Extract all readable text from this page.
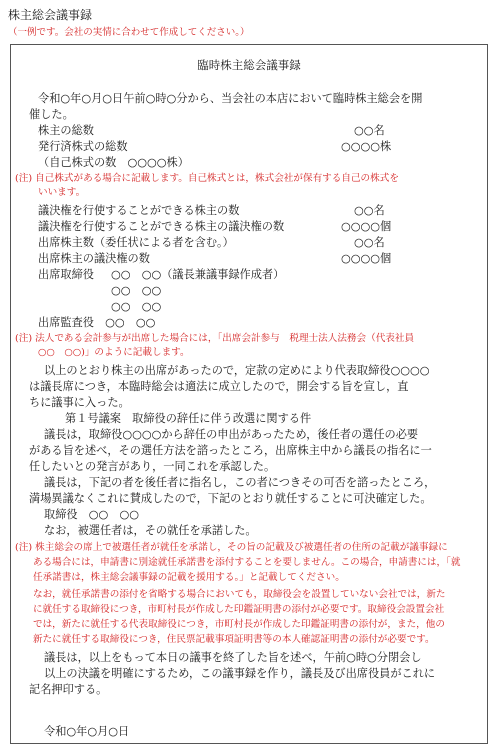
株主総会議事録
（一例です。会社の実情に合わせて作成してください。）
臨時株主総会議事録
令和○年○月○日午前○時○分から、当会社の本店において臨時株主総会を開
催した。
株主の総数	○○名
発行済株式の総数	○○○○株
（自己株式の数　○○○○株）
(注) 自己株式がある場合に記載します。自己株式とは，株式会社が保有する自己の株式を
いいます。
議決権を行使することができる株主の数	○○名
議決権を行使することができる株主の議決権の数	○○○○個
出席株主数（委任状による者を含む。）	○○名
出席株主の議決権の数	○○○○個
出席取締役 ○○　○○（議長兼議事録作成者）
○○　○○
○○　○○
出席監査役　○○　○○
(注) 法人である会計参与が出席した場合には，「出席会計参与　税理士法人法務会（代表社員
○○　○○)」のように記載します。
以上のとおり株主の出席があったので，定款の定めにより代表取締役○○○○
は議長席につき，本臨時総会は適法に成立したので，開会する旨を宣し，直
ちに議事に入った。
第１号議案　取締役の辞任に伴う改選に関する件
議長は，取締役○○○○から辞任の申出があったため，後任者の選任の必要
がある旨を述べ，その選任方法を諮ったところ，出席株主中から議長の指名に一
任したいとの発言があり，一同これを承認した。
議長は，下記の者を後任者に指名し，この者につきその可否を諮ったところ，
満場異議なくこれに賛成したので，下記のとおり就任することに可決確定した。
取締役　○○　○○
なお，被選任者は，その就任を承諾した。
(注) 株主総会の席上で被選任者が就任を承諾し，その旨の記載及び被選任者の住所の記載が議事録に
ある場合には，申請書に別途就任承諾書を添付することを要しません。この場合，申請書には，「就
任承諾書は，株主総会議事録の記載を援用する。」と記載してください。
なお，就任承諾書の添付を省略する場合においても，取締役会を設置していない会社では，新た
に就任する取締役につき，市町村長が作成した印鑑証明書の添付が必要です。取締役会設置会社
では，新たに就任する代表取締役につき，市町村長が作成した印鑑証明書の添付が，また，他の
新たに就任する取締役につき，住民票記載事項証明書等の本人確認証明書の添付が必要です。
議長は，以上をもって本日の議事を終了した旨を述べ，午前○時○分閉会し
以上の決議を明確にするため，この議事録を作り，議長及び出席役員がこれに
記名押印する。
令和○年○月○日
